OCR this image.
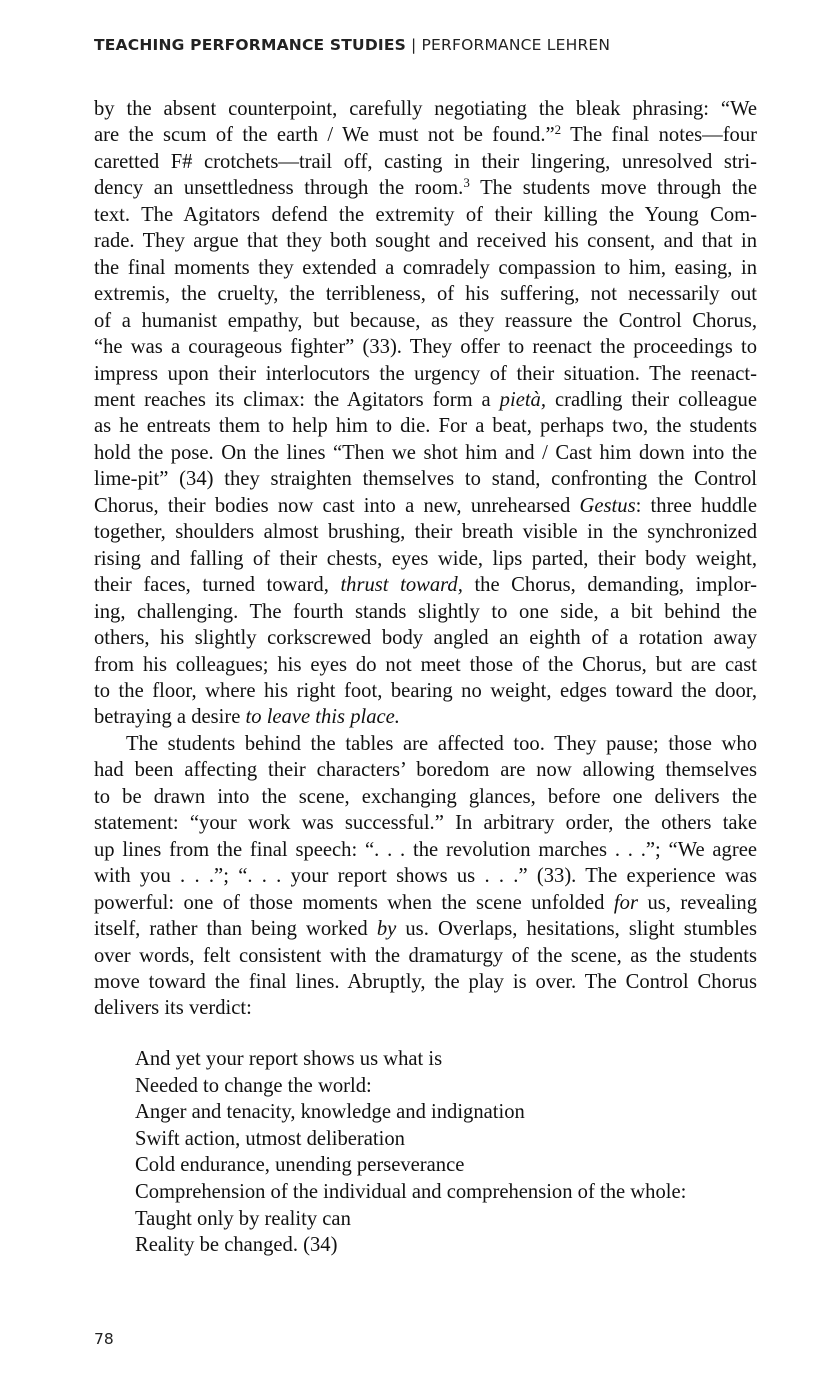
TEACHING PERFORMANCE STUDIES | PERFORMANCE LEHREN
by the absent counterpoint, carefully negotiating the bleak phrasing: “We
are the scum of the earth / We must not be found.”$^2$ The final notes—four
caretted F# crotchets—trail off, casting in their lingering, unresolved stri-
dency an unsettledness through the room.$^3$ The students move through the
text. The Agitators defend the extremity of their killing the Young Com-
rade. They argue that they both sought and received his consent, and that in
the final moments they extended a comradely compassion to him, easing, in
extremis, the cruelty, the terribleness, of his suffering, not necessarily out
of a humanist empathy, but because, as they reassure the Control Chorus,
“he was a courageous fighter” (33). They offer to reenact the proceedings to
impress upon their interlocutors the urgency of their situation. The reenact-
ment reaches its climax: the Agitators form a pietà, cradling their colleague
as he entreats them to help him to die. For a beat, perhaps two, the students
hold the pose. On the lines “Then we shot him and / Cast him down into the
lime-pit” (34) they straighten themselves to stand, confronting the Control
Chorus, their bodies now cast into a new, unrehearsed Gestus: three huddle
together, shoulders almost brushing, their breath visible in the synchronized
rising and falling of their chests, eyes wide, lips parted, their body weight,
their faces, turned toward, thrust toward, the Chorus, demanding, implor-
ing, challenging. The fourth stands slightly to one side, a bit behind the
others, his slightly corkscrewed body angled an eighth of a rotation away
from his colleagues; his eyes do not meet those of the Chorus, but are cast
to the floor, where his right foot, bearing no weight, edges toward the door,
betraying a desire to leave this place.
The students behind the tables are affected too. They pause; those who
had been affecting their characters’ boredom are now allowing themselves
to be drawn into the scene, exchanging glances, before one delivers the
statement: “your work was successful.” In arbitrary order, the others take
up lines from the final speech: “. . . the revolution marches . . .”; “We agree
with you . . .”; “. . . your report shows us . . .” (33). The experience was
powerful: one of those moments when the scene unfolded for us, revealing
itself, rather than being worked by us. Overlaps, hesitations, slight stumbles
over words, felt consistent with the dramaturgy of the scene, as the students
move toward the final lines. Abruptly, the play is over. The Control Chorus
delivers its verdict:
And yet your report shows us what is
Needed to change the world:
Anger and tenacity, knowledge and indignation
Swift action, utmost deliberation
Cold endurance, unending perseverance
Comprehension of the individual and comprehension of the whole:
Taught only by reality can
Reality be changed. (34)
78
